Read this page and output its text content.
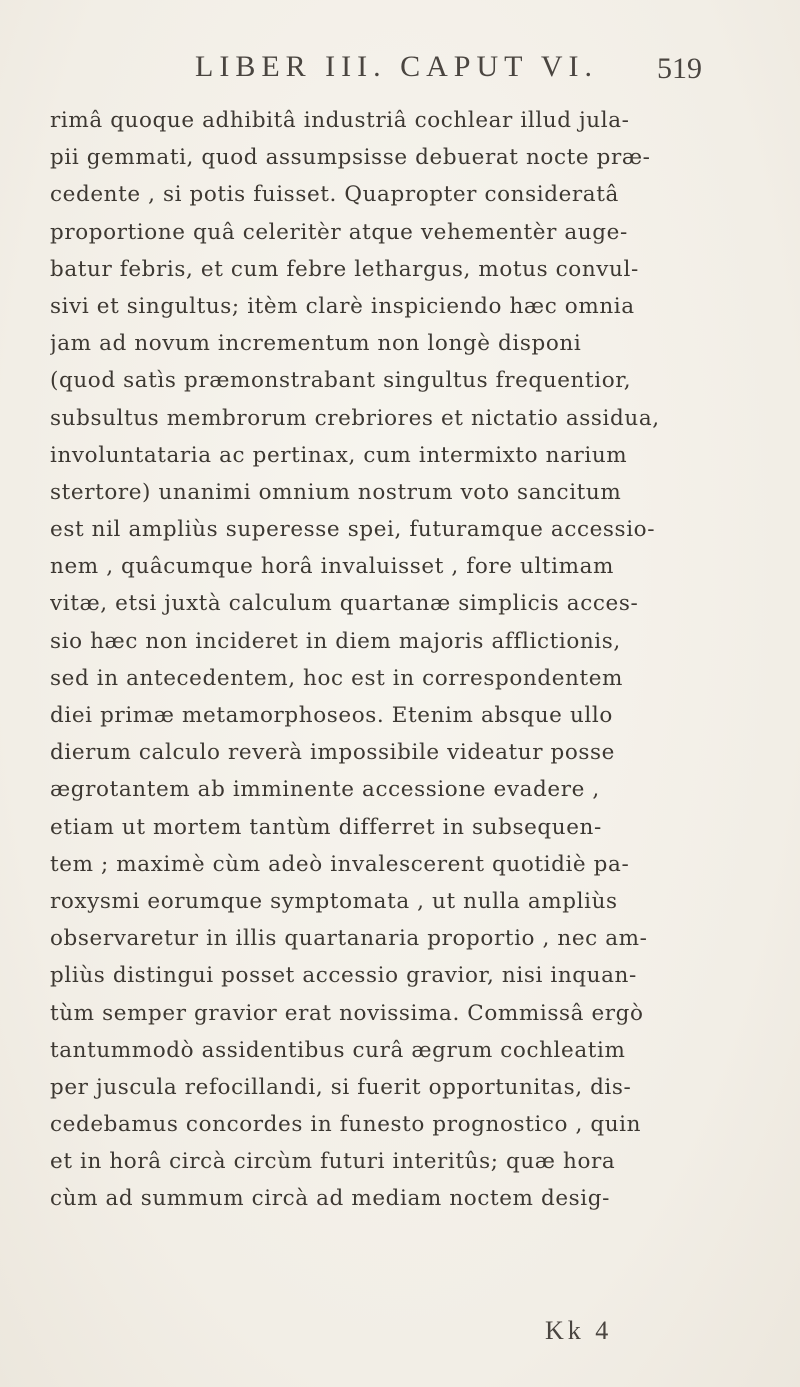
LIBER III. CAPUT VI. 519
rimâ quoque adhibitâ industriâ cochlear illud jula-
pii gemmati, quod assumpsisse debuerat nocte præ-
cedente , si potis fuisset. Quapropter consideratâ
proportione quâ celeritèr atque vehementèr auge-
batur febris, et cum febre lethargus, motus convul-
sivi et singultus; itèm clarè inspiciendo hæc omnia
jam ad novum incrementum non longè disponi
(quod satìs præmonstrabant singultus frequentior,
subsultus membrorum crebriores et nictatio assidua,
involuntataria ac pertinax, cum intermixto narium
stertore) unanimi omnium nostrum voto sancitum
est nil ampliùs superesse spei, futuramque accessio-
nem , quâcumque horâ invaluisset , fore ultimam
vitæ, etsi juxtà calculum quartanæ simplicis acces-
sio hæc non incideret in diem majoris afflictionis,
sed in antecedentem, hoc est in correspondentem
diei primæ metamorphoseos. Etenim absque ullo
dierum calculo reverà impossibile videatur posse
ægrotantem ab imminente accessione evadere ,
etiam ut mortem tantùm differret in subsequen-
tem ; maximè cùm adeò invalescerent quotidiè pa-
roxysmi eorumque symptomata , ut nulla ampliùs
observaretur in illis quartanaria proportio , nec am-
pliùs distingui posset accessio gravior, nisi inquan-
tùm semper gravior erat novissima. Commissâ ergò
tantummodò assidentibus curâ ægrum cochleatim
per juscula refocillandi, si fuerit opportunitas, dis-
cedebamus concordes in funesto prognostico , quin
et in horâ circà circùm futuri interitûs; quæ hora
cùm ad summum circà ad mediam noctem desig-
Kk 4
